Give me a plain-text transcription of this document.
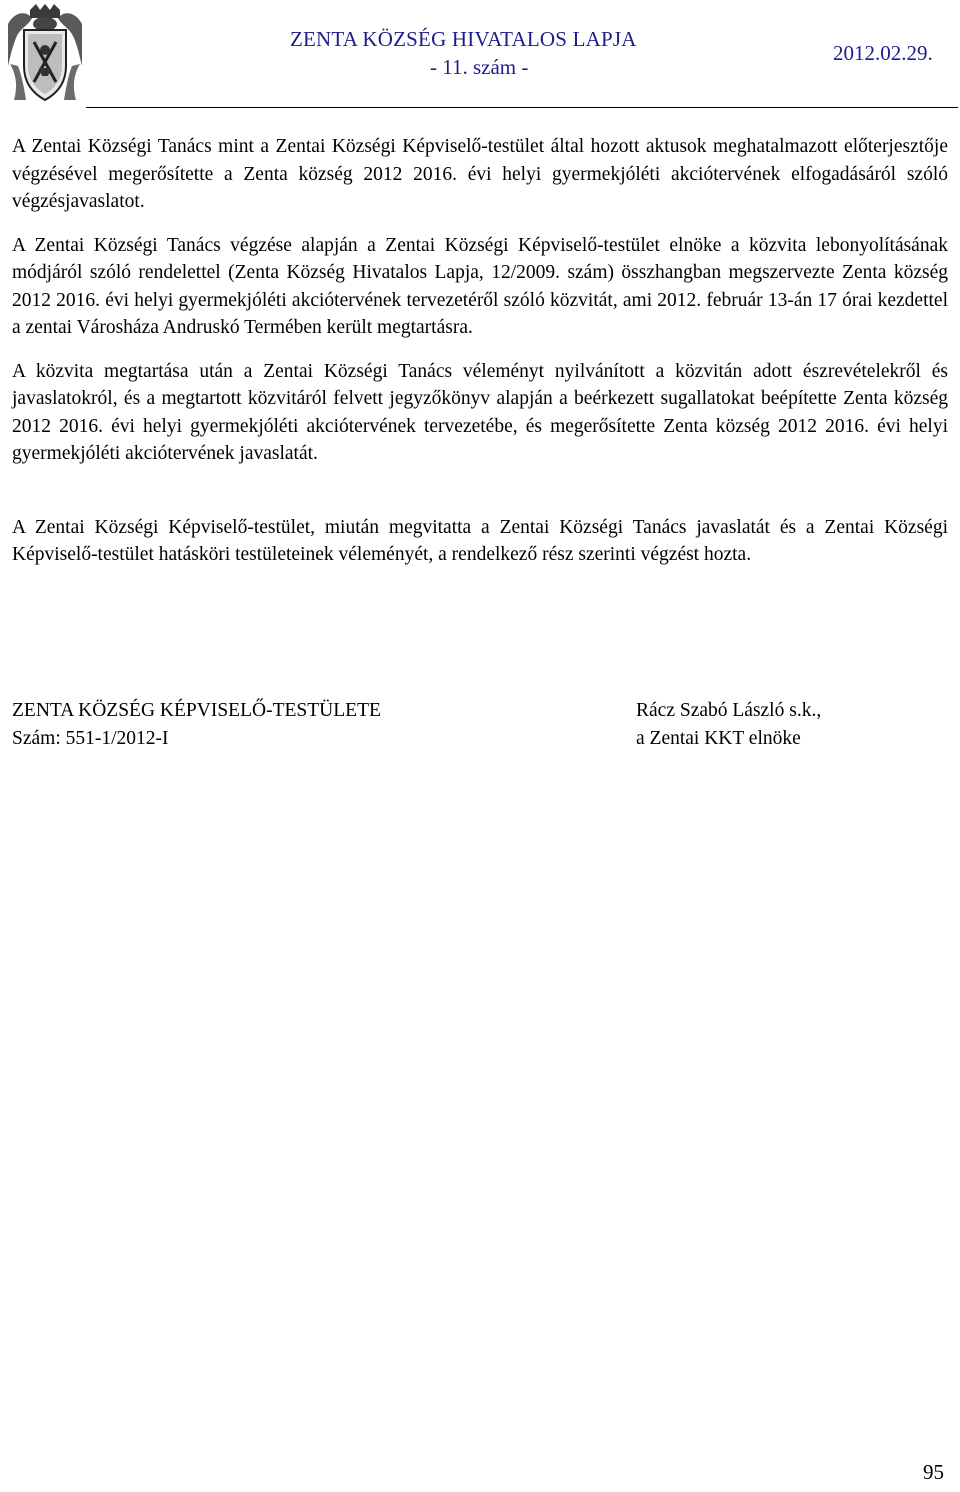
ZENTA KÖZSÉG HIVATALOS LAPJA
- 11. szám -
2012.02.29.

A Zentai Községi Tanács mint a Zentai Községi Képviselő-testület által hozott aktusok meghatalmazott előterjesztője végzésével megerősítette a Zenta község 2012 2016. évi helyi gyermekjóléti akciótervének elfogadásáról szóló végzésjavaslatot.

A Zentai Községi Tanács végzése alapján a Zentai Községi Képviselő-testület elnöke a közvita lebonyolításának módjáról szóló rendelettel (Zenta Község Hivatalos Lapja, 12/2009. szám) összhangban megszervezte Zenta község 2012 2016. évi helyi gyermekjóléti akciótervének tervezetéről szóló közvitát, ami 2012. február 13-án 17 órai kezdettel a zentai Városháza Andruskó Termében került megtartásra.

A közvita megtartása után a Zentai Községi Tanács véleményt nyilvánított a közvitán adott észrevételekről és javaslatokról, és a megtartott közvitáról felvett jegyzőkönyv alapján a beérkezett sugallatokat beépítette Zenta község 2012 2016. évi helyi gyermekjóléti akciótervének tervezetébe, és megerősítette Zenta község 2012 2016. évi helyi gyermekjóléti akciótervének javaslatát.

A Zentai Községi Képviselő-testület, miután megvitatta a Zentai Községi Tanács javaslatát és a Zentai Községi Képviselő-testület hatásköri testületeinek véleményét, a rendelkező rész szerinti végzést hozta.

ZENTA KÖZSÉG KÉPVISELŐ-TESTÜLETE
Szám: 551-1/2012-I
Rácz Szabó László s.k.,
a Zentai KKT elnöke
95
